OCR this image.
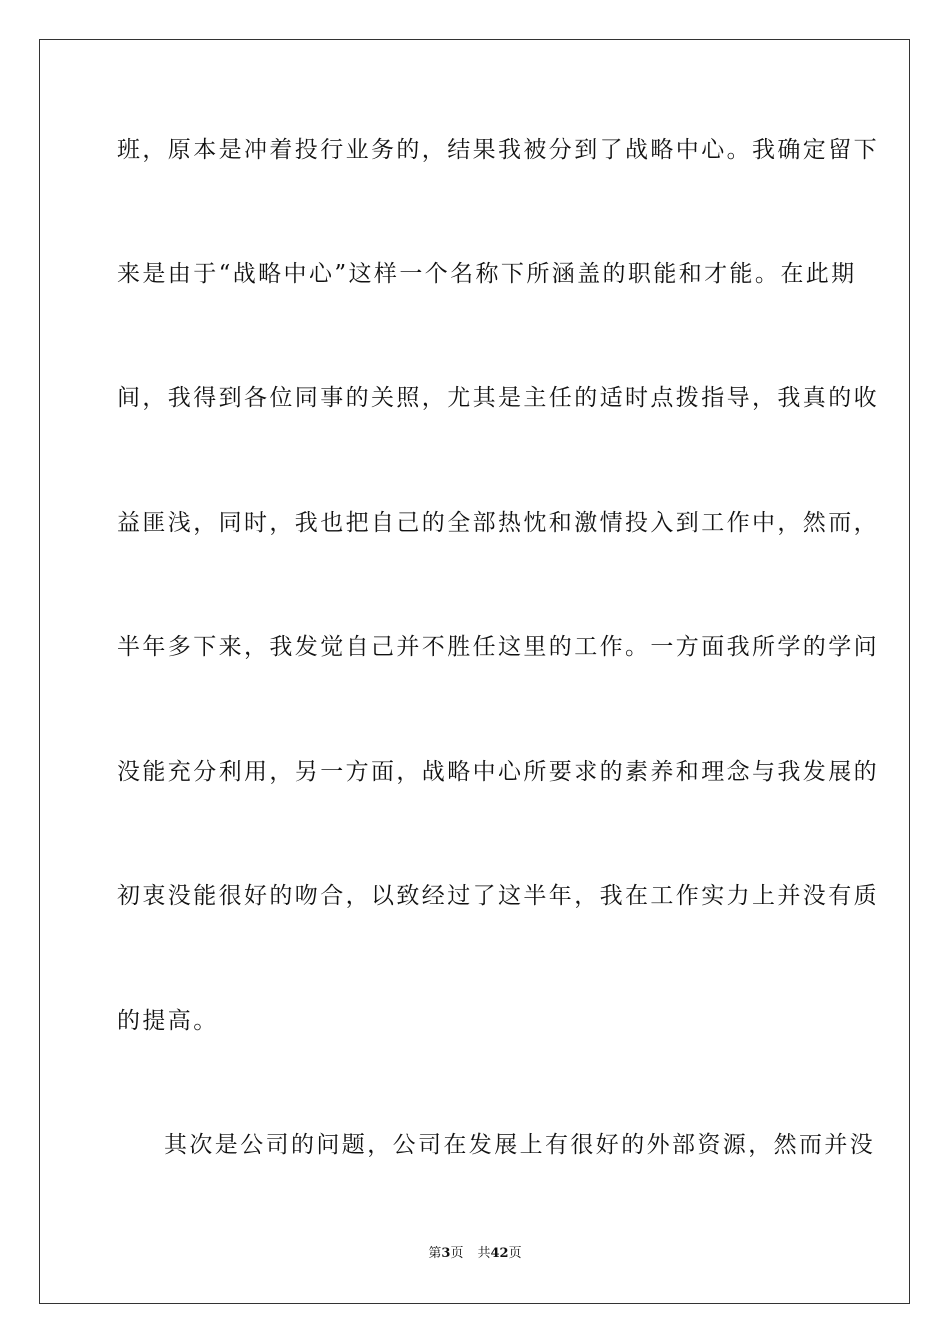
班，原本是冲着投行业务的，结果我被分到了战略中心。我确定留下
来是由于“战略中心”这样一个名称下所涵盖的职能和才能。在此期
间，我得到各位同事的关照，尤其是主任的适时点拨指导，我真的收
益匪浅，同时，我也把自己的全部热忱和激情投入到工作中，然而，
半年多下来，我发觉自己并不胜任这里的工作。一方面我所学的学问
没能充分利用，另一方面，战略中心所要求的素养和理念与我发展的
初衷没能很好的吻合，以致经过了这半年，我在工作实力上并没有质
的提高。
其次是公司的问题，公司在发展上有很好的外部资源，然而并没
第3页 共42页
